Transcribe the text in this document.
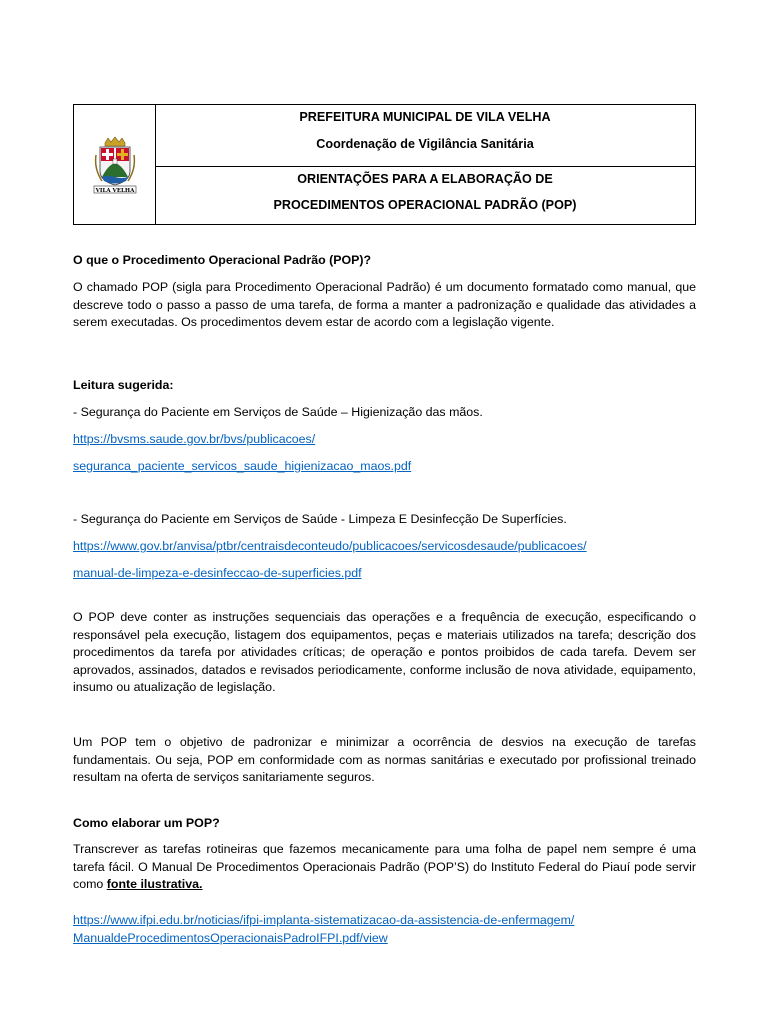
VILA VELHA
PREFEITURA MUNICIPAL DE VILA VELHA
Coordenação de Vigilância Sanitária
ORIENTAÇÕES PARA A ELABORAÇÃO DE
PROCEDIMENTOS OPERACIONAL PADRÃO (POP)
O que o Procedimento Operacional Padrão (POP)?
O chamado POP (sigla para Procedimento Operacional Padrão) é um documento formatado como manual, que descreve todo o passo a passo de uma tarefa, de forma a manter a padronização e qualidade das atividades a serem executadas. Os procedimentos devem estar de acordo com a legislação vigente.
Leitura sugerida:
- Segurança do Paciente em Serviços de Saúde – Higienização das mãos.
https://bvsms.saude.gov.br/bvs/publicacoes/
seguranca_paciente_servicos_saude_higienizacao_maos.pdf
- Segurança do Paciente em Serviços de Saúde - Limpeza E Desinfecção De Superfícies.
https://www.gov.br/anvisa/ptbr/centraisdeconteudo/publicacoes/servicosdesaude/publicacoes/
manual-de-limpeza-e-desinfeccao-de-superficies.pdf
O POP deve conter as instruções sequenciais das operações e a frequência de execução, especificando o responsável pela execução, listagem dos equipamentos, peças e materiais utilizados na tarefa; descrição dos procedimentos da tarefa por atividades críticas; de operação e pontos proibidos de cada tarefa. Devem ser aprovados, assinados, datados e revisados periodicamente, conforme inclusão de nova atividade, equipamento, insumo ou atualização de legislação.
Um POP tem o objetivo de padronizar e minimizar a ocorrência de desvios na execução de tarefas fundamentais. Ou seja, POP em conformidade com as normas sanitárias e executado por profissional treinado resultam na oferta de serviços sanitariamente seguros.
Como elaborar um POP?
Transcrever as tarefas rotineiras que fazemos mecanicamente para uma folha de papel nem sempre é uma tarefa fácil. O Manual De Procedimentos Operacionais Padrão (POP’S) do Instituto Federal do Piauí pode servir como fonte ilustrativa.
https://www.ifpi.edu.br/noticias/ifpi-implanta-sistematizacao-da-assistencia-de-enfermagem/
ManualdeProcedimentosOperacionaisPadroIFPI.pdf/view
